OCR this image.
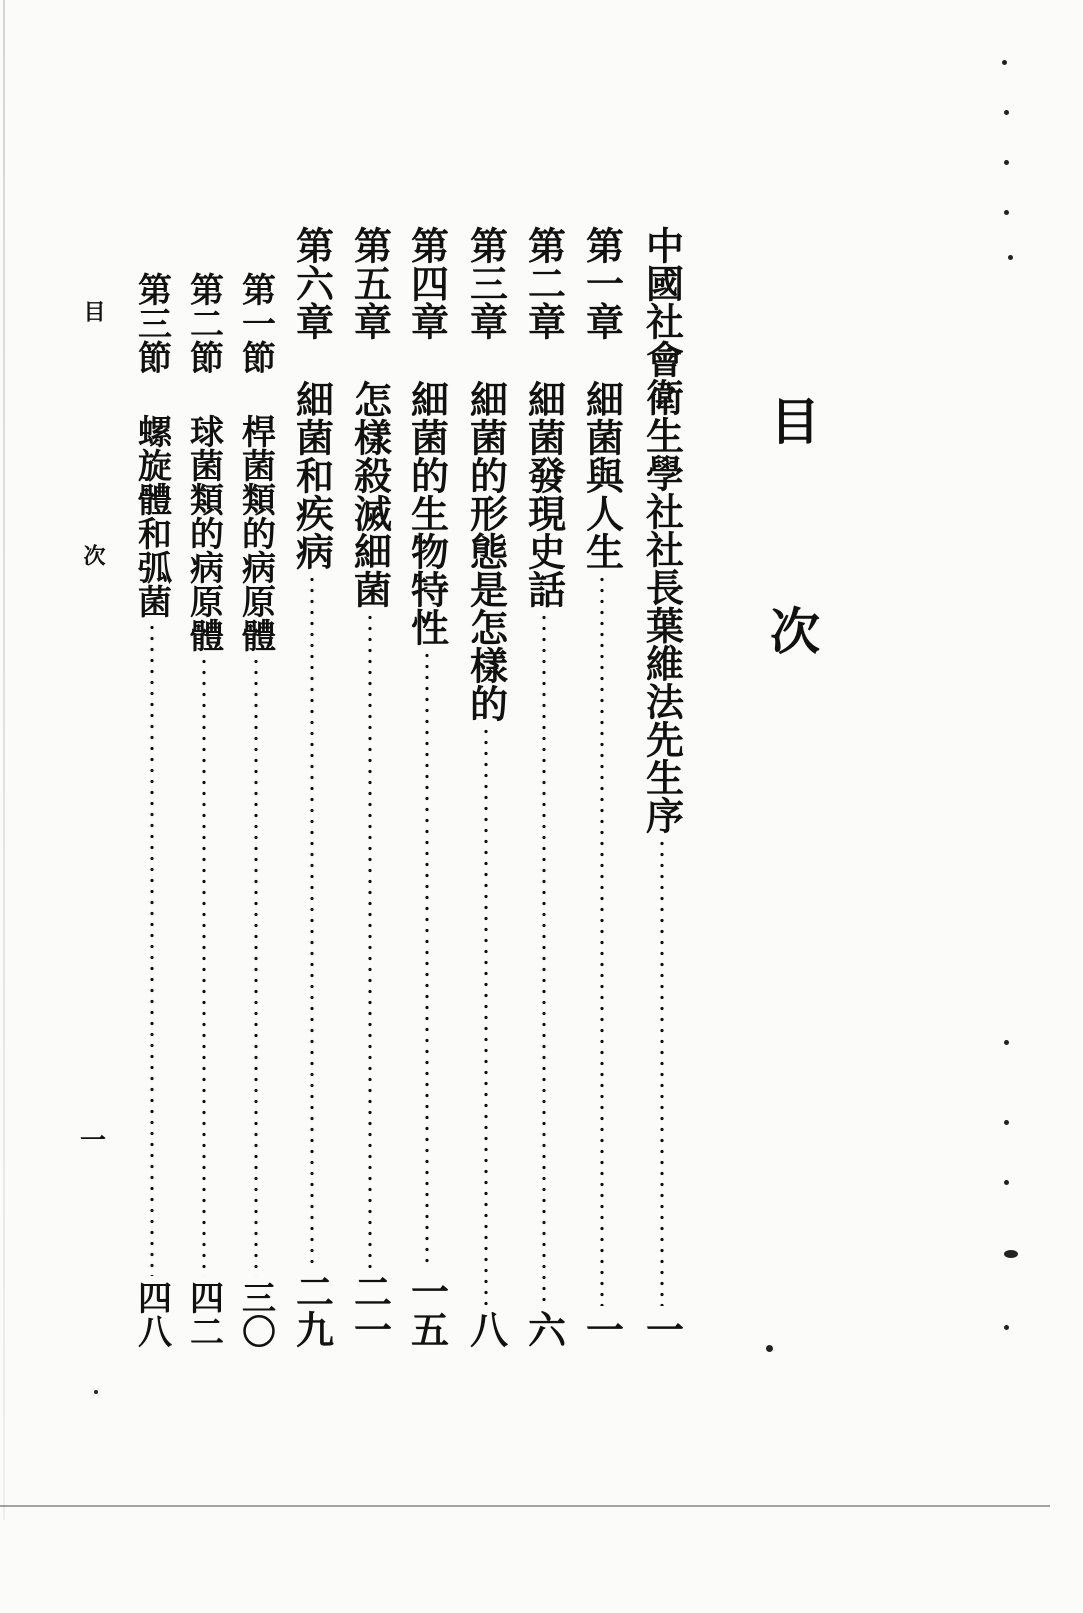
目　次
中國社會衛生學社社長葉維法先生序
一
第一章
細菌與人生
一
第二章
細菌發現史話
六
第三章
細菌的形態是怎樣的
八
第四章
細菌的生物特性
一五
第五章
怎樣殺滅細菌
二一
第六章
細菌和疾病
二九
第一節
桿菌類的病原體
三〇
第二節
球菌類的病原體
四二
第三節
螺旋體和弧菌
四八
目　次
一
